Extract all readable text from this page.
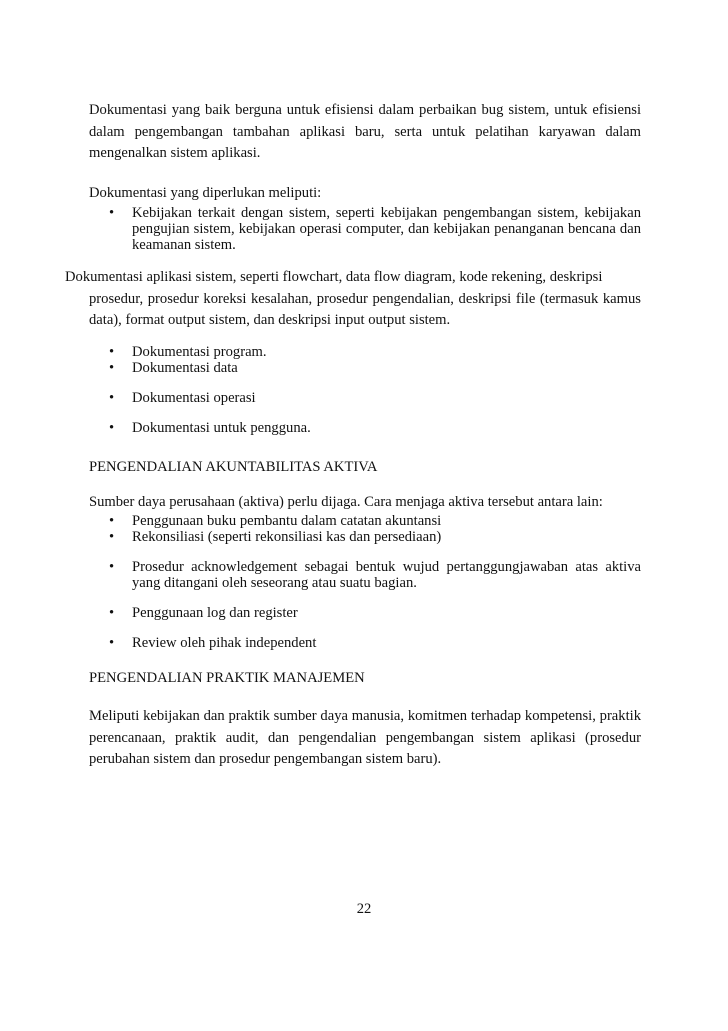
Dokumentasi yang baik berguna untuk efisiensi dalam perbaikan bug sistem, untuk efisiensi dalam pengembangan tambahan aplikasi baru, serta untuk pelatihan karyawan dalam mengenalkan sistem aplikasi.

Dokumentasi yang diperlukan meliputi:

•	Kebijakan terkait dengan sistem, seperti kebijakan pengembangan sistem, kebijakan pengujian sistem, kebijakan operasi computer, dan kebijakan penanganan bencana dan keamanan sistem.

Dokumentasi aplikasi sistem, seperti flowchart, data flow diagram, kode rekening, deskripsi
prosedur, prosedur koreksi kesalahan, prosedur pengendalian, deskripsi file (termasuk kamus data), format output sistem, dan deskripsi input output sistem.

•	Dokumentasi program.
•	Dokumentasi data
•	Dokumentasi operasi
•	Dokumentasi untuk pengguna.

PENGENDALIAN AKUNTABILITAS AKTIVA

Sumber daya perusahaan (aktiva) perlu dijaga. Cara menjaga aktiva tersebut antara lain:

•	Penggunaan buku pembantu dalam catatan akuntansi
•	Rekonsiliasi (seperti rekonsiliasi kas dan persediaan)
•	Prosedur acknowledgement sebagai bentuk wujud pertanggungjawaban atas aktiva yang ditangani oleh seseorang atau suatu bagian.
•	Penggunaan log dan register
•	Review oleh pihak independent

PENGENDALIAN PRAKTIK MANAJEMEN

Meliputi kebijakan dan praktik sumber daya manusia, komitmen terhadap kompetensi, praktik perencanaan, praktik audit, dan pengendalian pengembangan sistem aplikasi (prosedur perubahan sistem dan prosedur pengembangan sistem baru).

22
